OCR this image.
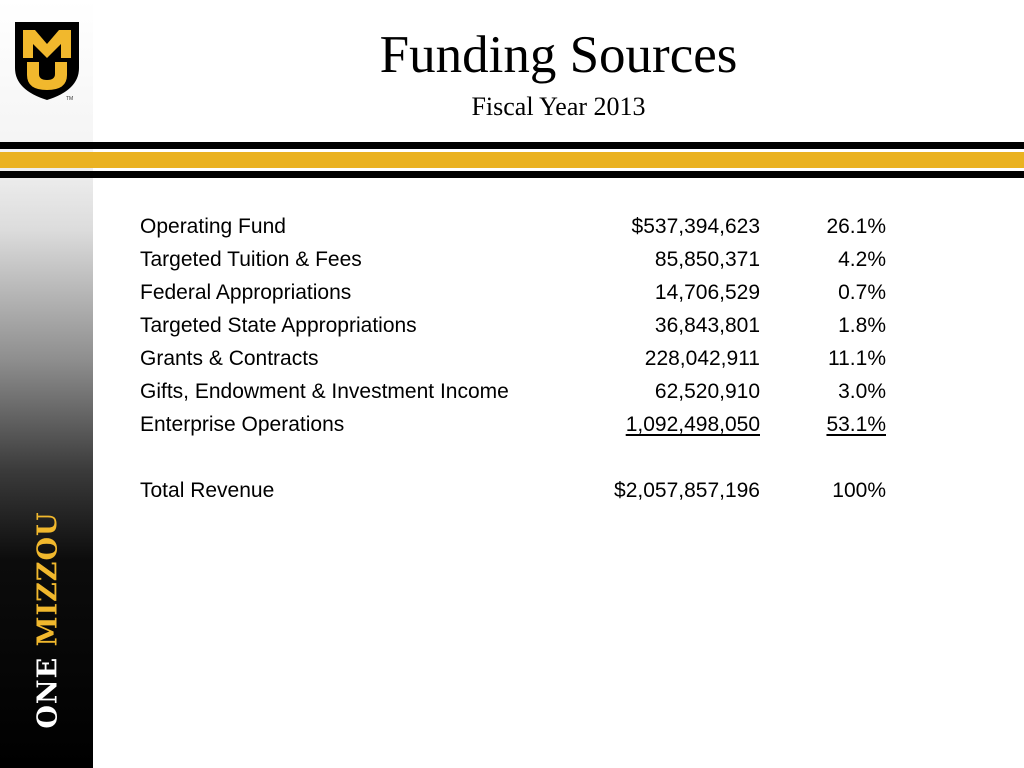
TM
ONE MIZZOU
Funding Sources
Fiscal Year 2013
Operating Fund	$537,394,623	26.1%
Targeted Tuition & Fees	85,850,371	4.2%
Federal Appropriations	14,706,529	0.7%
Targeted State Appropriations	36,843,801	1.8%
Grants & Contracts	228,042,911	11.1%
Gifts, Endowment & Investment Income	62,520,910	3.0%
Enterprise Operations	1,092,498,050	53.1%
Total Revenue	$2,057,857,196	100%
